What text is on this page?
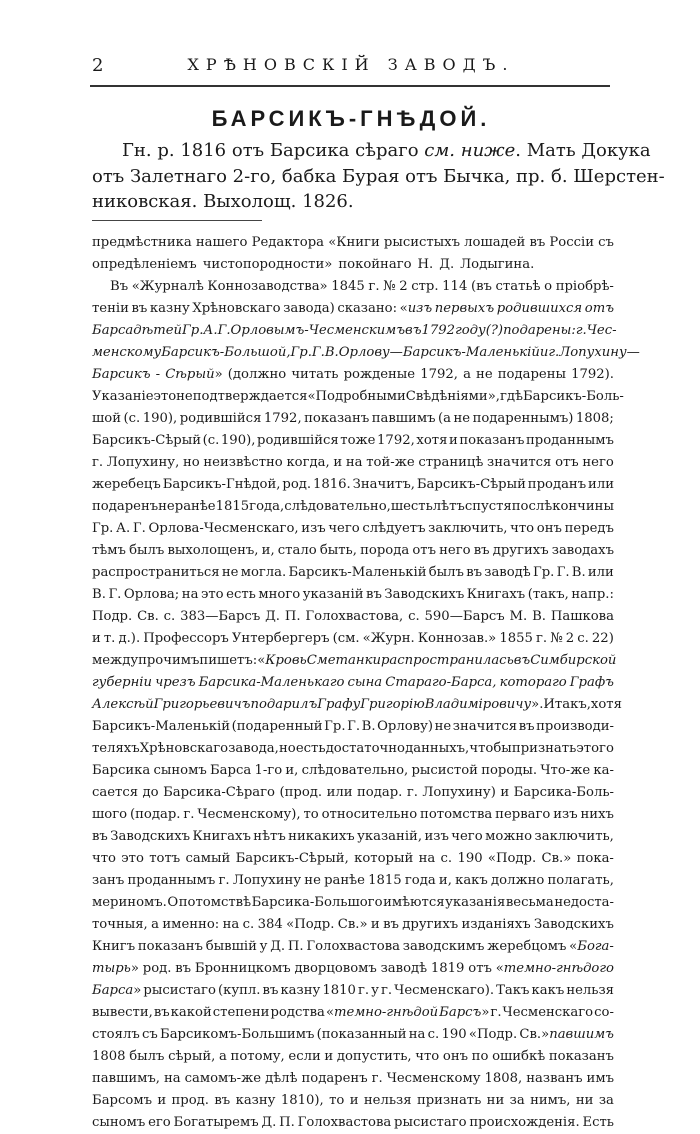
2	ХРѢНОВСКІЙ ЗАВОДЪ.
БАРСИКЪ-ГНѢДОЙ.
Гн. р. 1816 отъ Барсика сѣраго см. ниже. Мать Докука
отъ Залетнаго 2-го, бабка Бурая отъ Бычка, пр. б. Шерстен-
никовская. Выхолощ. 1826.
предмѣстника нашего Редактора «Книги рысистыхъ лошадей въ Россіи съ
опредѣленіемъ чистопородности» покойнаго Н. Д. Лодыгина.
Въ «Журналѣ Коннозаводства» 1845 г. № 2 стр. 114 (въ статьѣ о пріобрѣ-
теніи въ казну Хрѣновскаго завода) сказано: «изъ первыхъ родившихся отъ
Барса дѣтей Гр. А. Г. Орловымъ-Чесменскимъ въ 1792 году (?) подарены: г. Чес-
менскому Барсикъ-Большой, Гр. Г. В. Орлову—Барсикъ-Маленькій и г. Лопухину—
Барсикъ - Сѣрый» (должно читать рожденые 1792, а не подарены 1792).
Указаніе это не подтверждается «Подробными Свѣдѣніями», гдѣ Барсикъ-Боль-
шой (с. 190), родившійся 1792, показанъ павшимъ (а не подареннымъ) 1808;
Барсикъ-Сѣрый (с. 190), родившійся тоже 1792, хотя и показанъ проданнымъ
г. Лопухину, но неизвѣстно когда, и на той-же страницѣ значится отъ него
жеребецъ Барсикъ-Гнѣдой, род. 1816. Значитъ, Барсикъ-Сѣрый проданъ или
подаренъ не ранѣе 1815 года, слѣдовательно, шесть лѣтъ спустя послѣ кончины
Гр. А. Г. Орлова-Чесменскаго, изъ чего слѣдуетъ заключить, что онъ передъ
тѣмъ былъ выхолощенъ, и, стало быть, порода отъ него въ другихъ заводахъ
распространиться не могла. Барсикъ-Маленькій былъ въ заводѣ Гр. Г. В. или
В. Г. Орлова; на это есть много указаній въ Заводскихъ Книгахъ (такъ, напр.:
Подр. Св. с. 383—Барсъ Д. П. Голохвастова, с. 590—Барсъ М. В. Пашкова
и т. д.). Профессоръ Унтербергеръ (см. «Журн. Коннозав.» 1855 г. № 2 с. 22)
между прочимъ пишетъ: «Кровь Сметанки распространилась въ Симбирской
губерніи чрезъ Барсика-Маленькаго сына Стараго-Барса, котораго Графъ
Алексѣй Григорьевичъ подарилъ Графу Григорію Владиміровичу». Итакъ, хотя
Барсикъ-Маленькій (подаренный Гр. Г. В. Орлову) не значится въ производи-
теляхъ Хрѣновскаго завода, но есть достаточно данныхъ, чтобы признать этого
Барсика сыномъ Барса 1-го и, слѣдовательно, рысистой породы. Что-же ка-
сается до Барсика-Сѣраго (прод. или подар. г. Лопухину) и Барсика-Боль-
шого (подар. г. Чесменскому), то относительно потомства перваго изъ нихъ
въ Заводскихъ Книгахъ нѣтъ никакихъ указаній, изъ чего можно заключить,
что это тотъ самый Барсикъ-Сѣрый, который на с. 190 «Подр. Св.» пока-
занъ проданнымъ г. Лопухину не ранѣе 1815 года и, какъ должно полагать,
мериномъ. О потомствѣ Барсика-Большого имѣются указанія весьма недоста-
точныя, а именно: на с. 384 «Подр. Св.» и въ другихъ изданіяхъ Заводскихъ
Книгъ показанъ бывшій у Д. П. Голохвастова заводскимъ жеребцомъ «Бога-
тырь» род. въ Бронницкомъ дворцовомъ заводѣ 1819 отъ «темно-гнѣдого
Барса» рысистаго (купл. въ казну 1810 г. у г. Чесменскаго). Такъ какъ нельзя
вывести, въ какой степени родства «темно-гнѣдой Барсъ» г. Чесменскаго со-
стоялъ съ Барсикомъ-Большимъ (показанный на с. 190 «Подр. Св.»павшимъ
1808 былъ сѣрый, а потому, если и допустить, что онъ по ошибкѣ показанъ
павшимъ, на самомъ-же дѣлѣ подаренъ г. Чесменскому 1808, названъ имъ
Барсомъ и прод. въ казну 1810), то и нельзя признать ни за нимъ, ни за
сыномъ его Богатыремъ Д. П. Голохвастова рысистаго происхожденія. Есть
